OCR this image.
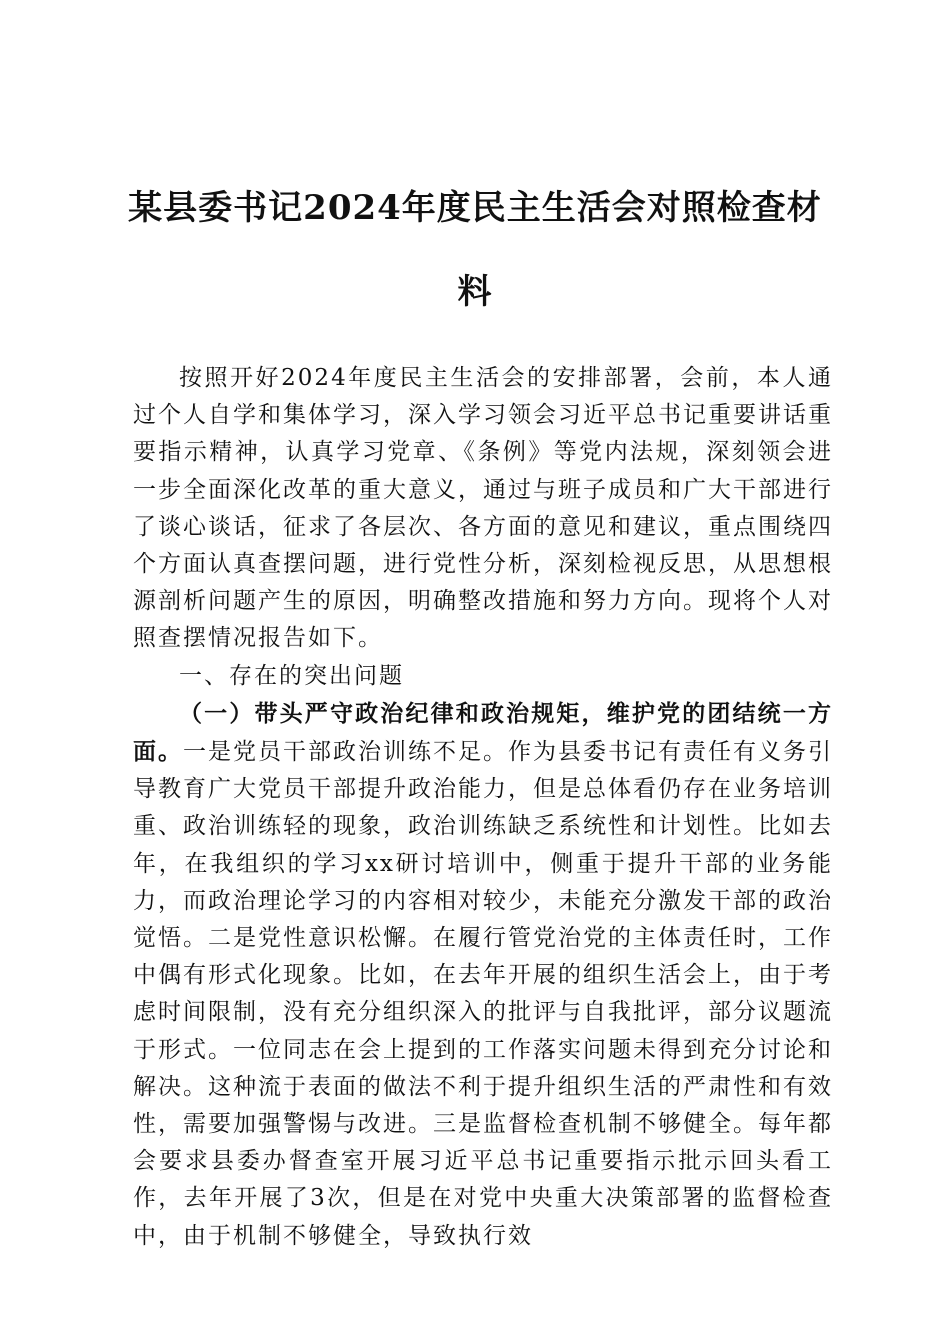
某县委书记2024年度民主生活会对照检查材料

按照开好2024年度民主生活会的安排部署，会前，本人通过个人自学和集体学习，深入学习领会习近平总书记重要讲话重要指示精神，认真学习党章、《条例》等党内法规，深刻领会进一步全面深化改革的重大意义，通过与班子成员和广大干部进行了谈心谈话，征求了各层次、各方面的意见和建议，重点围绕四个方面认真查摆问题，进行党性分析，深刻检视反思，从思想根源剖析问题产生的原因，明确整改措施和努力方向。现将个人对照查摆情况报告如下。

一、存在的突出问题

（一）带头严守政治纪律和政治规矩，维护党的团结统一方面。一是党员干部政治训练不足。作为县委书记有责任有义务引导教育广大党员干部提升政治能力，但是总体看仍存在业务培训重、政治训练轻的现象，政治训练缺乏系统性和计划性。比如去年，在我组织的学习xx研讨培训中，侧重于提升干部的业务能力，而政治理论学习的内容相对较少，未能充分激发干部的政治觉悟。二是党性意识松懈。在履行管党治党的主体责任时，工作中偶有形式化现象。比如，在去年开展的组织生活会上，由于考虑时间限制，没有充分组织深入的批评与自我批评，部分议题流于形式。一位同志在会上提到的工作落实问题未得到充分讨论和解决。这种流于表面的做法不利于提升组织生活的严肃性和有效性，需要加强警惕与改进。三是监督检查机制不够健全。每年都会要求县委办督查室开展习近平总书记重要指示批示回头看工作，去年开展了3次，但是在对党中央重大决策部署的监督检查中，由于机制不够健全，导致执行效
